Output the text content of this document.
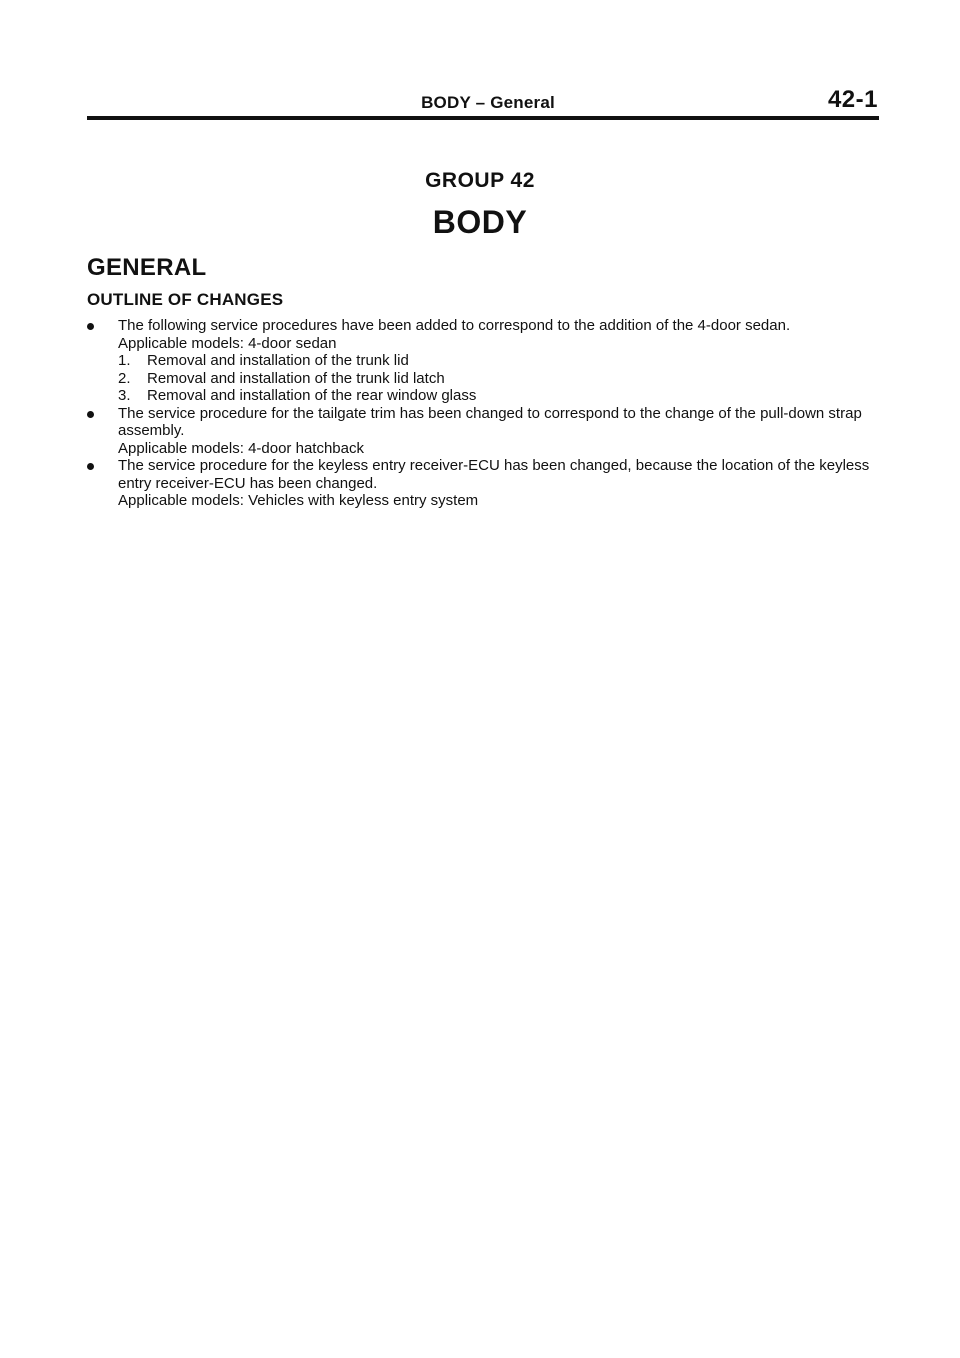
BODY – General	42-1
GROUP 42
BODY
GENERAL
OUTLINE OF CHANGES
The following service procedures have been added to correspond to the addition of the 4-door sedan.
Applicable models: 4-door sedan
1. Removal and installation of the trunk lid
2. Removal and installation of the trunk lid latch
3. Removal and installation of the rear window glass
The service procedure for the tailgate trim has been changed to correspond to the change of the pull-down strap assembly.
Applicable models: 4-door hatchback
The service procedure for the keyless entry receiver-ECU has been changed, because the location of the keyless entry receiver-ECU has been changed.
Applicable models: Vehicles with keyless entry system
